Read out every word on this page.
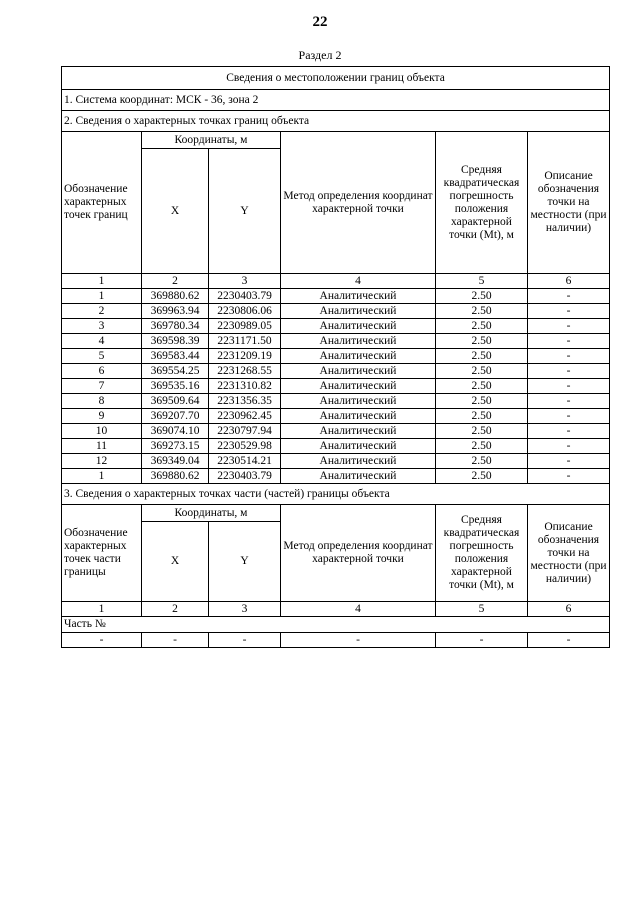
22
Раздел 2
Сведения о местоположении границ объекта					
1. Система координат: МСК - 36, зона 2					
2. Сведения о характерных точках границ объекта					
Обозначение характерных точек границ	Координаты, м		Метод определения координат характерной точки	Средняя квадратическая погрешность положения характерной точки (Mt), м	Описание обозначения точки на местности (при наличии)
	X	Y			
1	2	3	4	5	6
1	369880.62	2230403.79	Аналитический	2.50	-
2	369963.94	2230806.06	Аналитический	2.50	-
3	369780.34	2230989.05	Аналитический	2.50	-
4	369598.39	2231171.50	Аналитический	2.50	-
5	369583.44	2231209.19	Аналитический	2.50	-
6	369554.25	2231268.55	Аналитический	2.50	-
7	369535.16	2231310.82	Аналитический	2.50	-
8	369509.64	2231356.35	Аналитический	2.50	-
9	369207.70	2230962.45	Аналитический	2.50	-
10	369074.10	2230797.94	Аналитический	2.50	-
11	369273.15	2230529.98	Аналитический	2.50	-
12	369349.04	2230514.21	Аналитический	2.50	-
1	369880.62	2230403.79	Аналитический	2.50	-
3. Сведения о характерных точках части (частей) границы объекта					
Обозначение характерных точек части границы	Координаты, м		Метод определения координат характерной точки	Средняя квадратическая погрешность положения характерной точки (Mt), м	Описание обозначения точки на местности (при наличии)
	X	Y			
1	2	3	4	5	6
Часть №					
-	-	-	-	-	-
